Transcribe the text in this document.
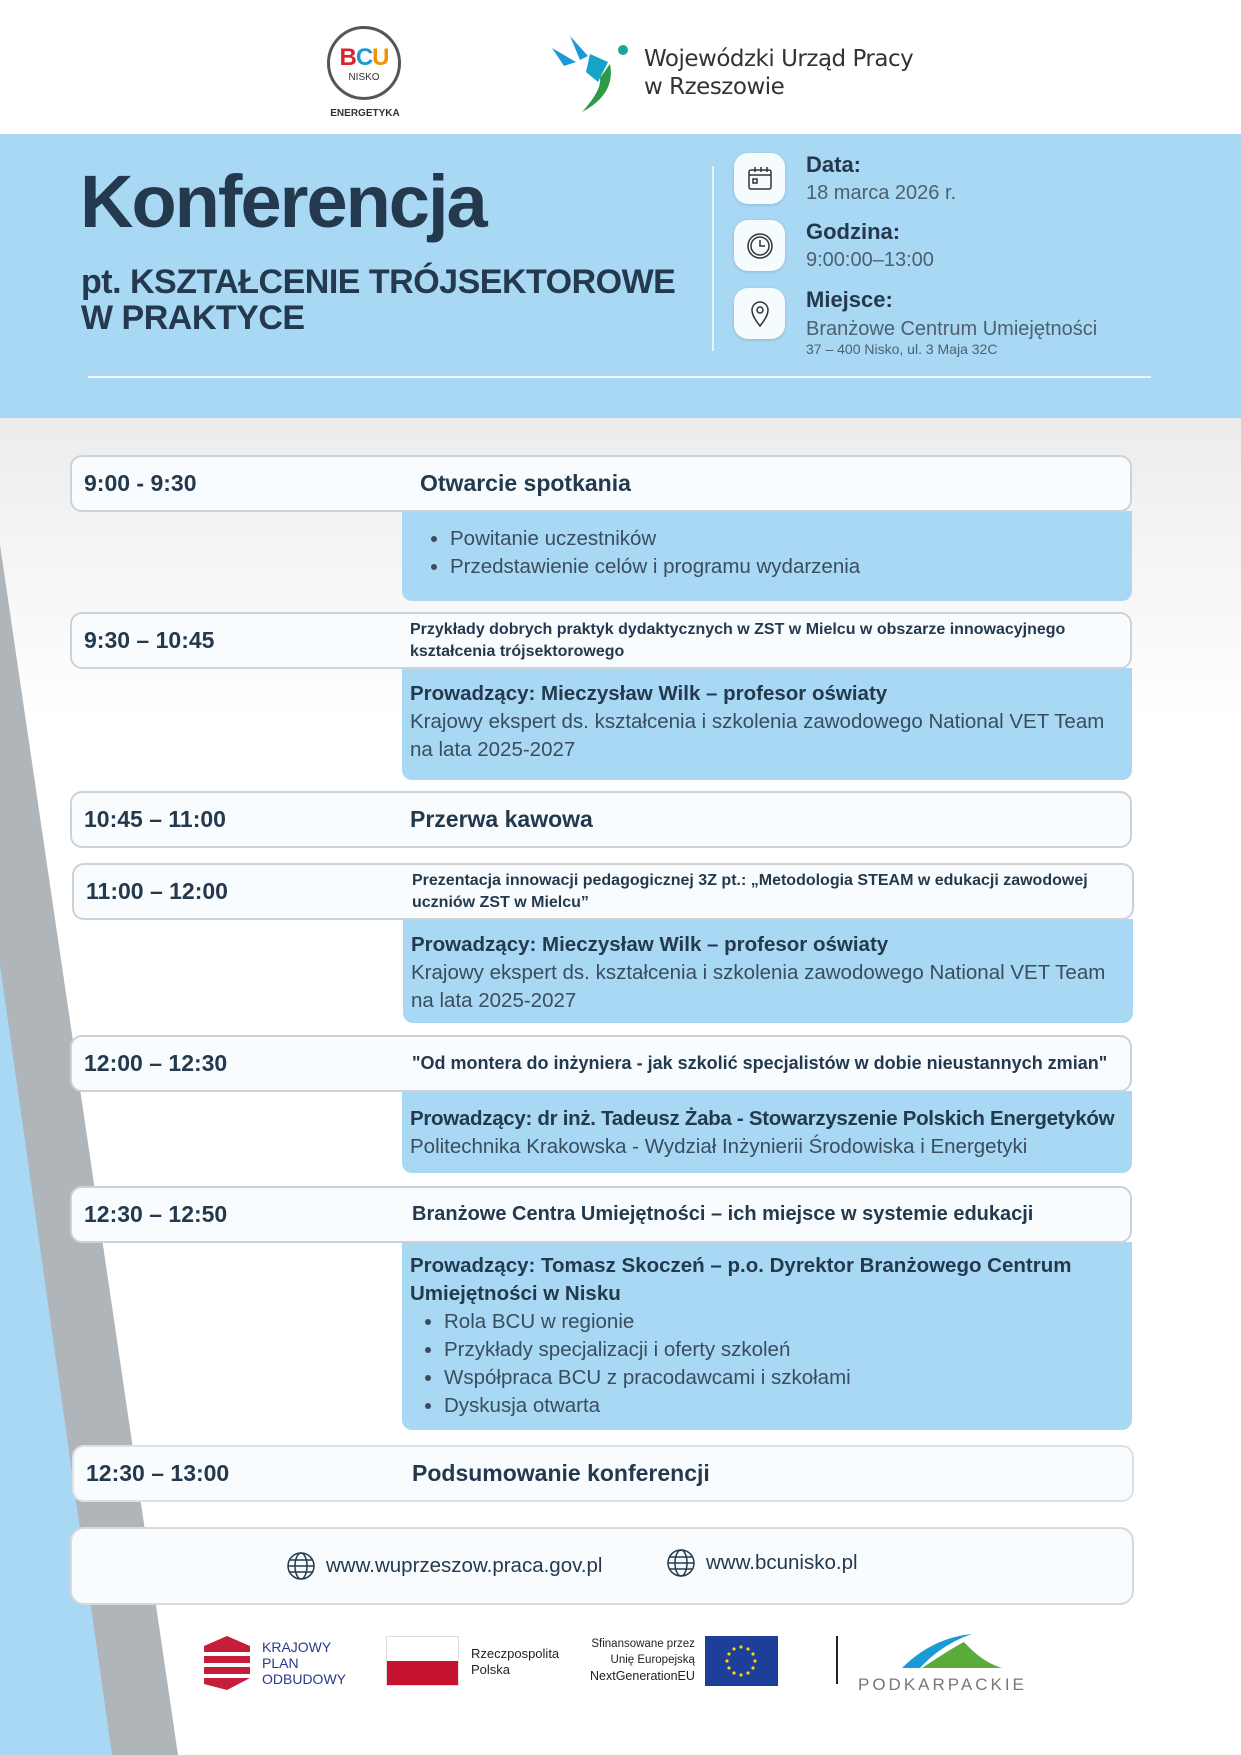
BCU
NISKO
ENERGETYKA
Wojewódzki Urząd Pracy
w Rzeszowie
Konferencja
pt. KSZTAŁCENIE TRÓJSEKTOROWE
W PRAKTYCE
Data:
18 marca 2026 r.
Godzina:
9:00:00–13:00
Miejsce:
Branżowe Centrum Umiejętności
37 – 400 Nisko, ul. 3 Maja 32C
9:00 - 9:30	Otwarcie spotkania
• Powitanie uczestników
• Przedstawienie celów i programu wydarzenia
9:30 – 10:45	Przykłady dobrych praktyk dydaktycznych w ZST w Mielcu w obszarze innowacyjnego kształcenia trójsektorowego
Prowadzący: Mieczysław Wilk – profesor oświaty
Krajowy ekspert ds. kształcenia i szkolenia zawodowego National VET Team na lata 2025-2027
10:45 – 11:00	Przerwa kawowa
11:00 – 12:00	Prezentacja innowacji pedagogicznej 3Z pt.: „Metodologia STEAM w edukacji zawodowej uczniów ZST w Mielcu”
Prowadzący: Mieczysław Wilk – profesor oświaty
Krajowy ekspert ds. kształcenia i szkolenia zawodowego National VET Team na lata 2025-2027
12:00 – 12:30	"Od montera do inżyniera - jak szkolić specjalistów w dobie nieustannych zmian"
Prowadzący: dr inż. Tadeusz Żaba - Stowarzyszenie Polskich Energetyków
Politechnika Krakowska - Wydział Inżynierii Środowiska i Energetyki
12:30 – 12:50	Branżowe Centra Umiejętności – ich miejsce w systemie edukacji
Prowadzący: Tomasz Skoczeń – p.o. Dyrektor Branżowego Centrum Umiejętności w Nisku
• Rola BCU w regionie
• Przykłady specjalizacji i oferty szkoleń
• Współpraca BCU z pracodawcami i szkołami
• Dyskusja otwarta
12:30 – 13:00	Podsumowanie konferencji
www.wuprzeszow.praca.gov.pl	www.bcunisko.pl
KRAJOWY
PLAN
ODBUDOWY
Rzeczpospolita
Polska
Sfinansowane przez
Unię Europejską
NextGenerationEU	PODKARPACKIE
